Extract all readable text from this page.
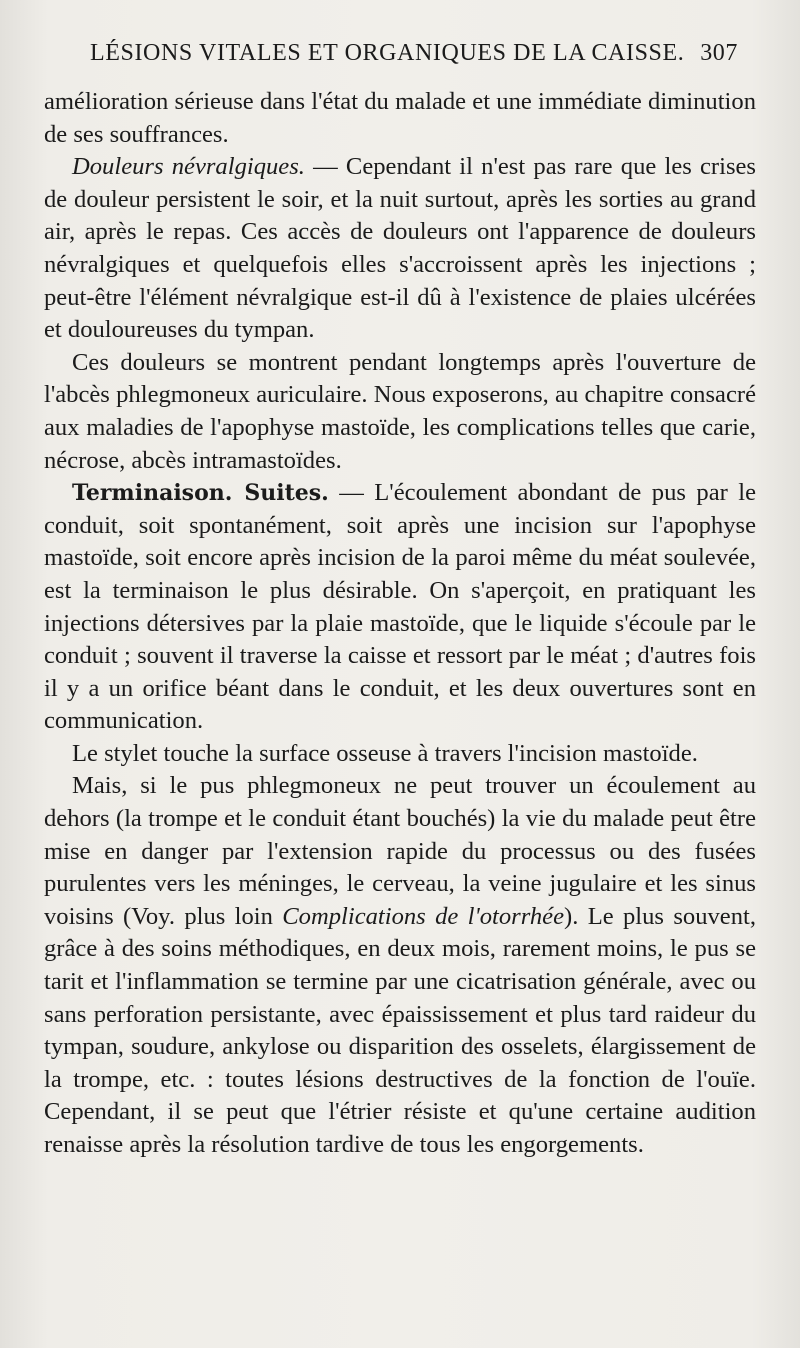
LÉSIONS VITALES ET ORGANIQUES DE LA CAISSE. 307

amélioration sérieuse dans l'état du malade et une immédiate diminution de ses souffrances.

Douleurs névralgiques. — Cependant il n'est pas rare que les crises de douleur persistent le soir, et la nuit surtout, après les sorties au grand air, après le repas. Ces accès de douleurs ont l'apparence de douleurs névralgiques et quelquefois elles s'accroissent après les injections ; peut-être l'élément névralgique est-il dû à l'existence de plaies ulcérées et douloureuses du tympan.

Ces douleurs se montrent pendant longtemps après l'ouverture de l'abcès phlegmoneux auriculaire. Nous exposerons, au chapitre consacré aux maladies de l'apophyse mastoïde, les complications telles que carie, nécrose, abcès intramastoïdes.

Terminaison. Suites. — L'écoulement abondant de pus par le conduit, soit spontanément, soit après une incision sur l'apophyse mastoïde, soit encore après incision de la paroi même du méat soulevée, est la terminaison le plus désirable. On s'aperçoit, en pratiquant les injections détersives par la plaie mastoïde, que le liquide s'écoule par le conduit ; souvent il traverse la caisse et ressort par le méat ; d'autres fois il y a un orifice béant dans le conduit, et les deux ouvertures sont en communication.

Le stylet touche la surface osseuse à travers l'incision mastoïde.

Mais, si le pus phlegmoneux ne peut trouver un écoulement au dehors (la trompe et le conduit étant bouchés) la vie du malade peut être mise en danger par l'extension rapide du processus ou des fusées purulentes vers les méninges, le cerveau, la veine jugulaire et les sinus voisins (Voy. plus loin Complications de l'otorrhée). Le plus souvent, grâce à des soins méthodiques, en deux mois, rarement moins, le pus se tarit et l'inflammation se termine par une cicatrisation générale, avec ou sans perforation persistante, avec épaississement et plus tard raideur du tympan, soudure, ankylose ou disparition des osselets, élargissement de la trompe, etc. : toutes lésions destructives de la fonction de l'ouïe. Cependant, il se peut que l'étrier résiste et qu'une certaine audition renaisse après la résolution tardive de tous les engorgements.
